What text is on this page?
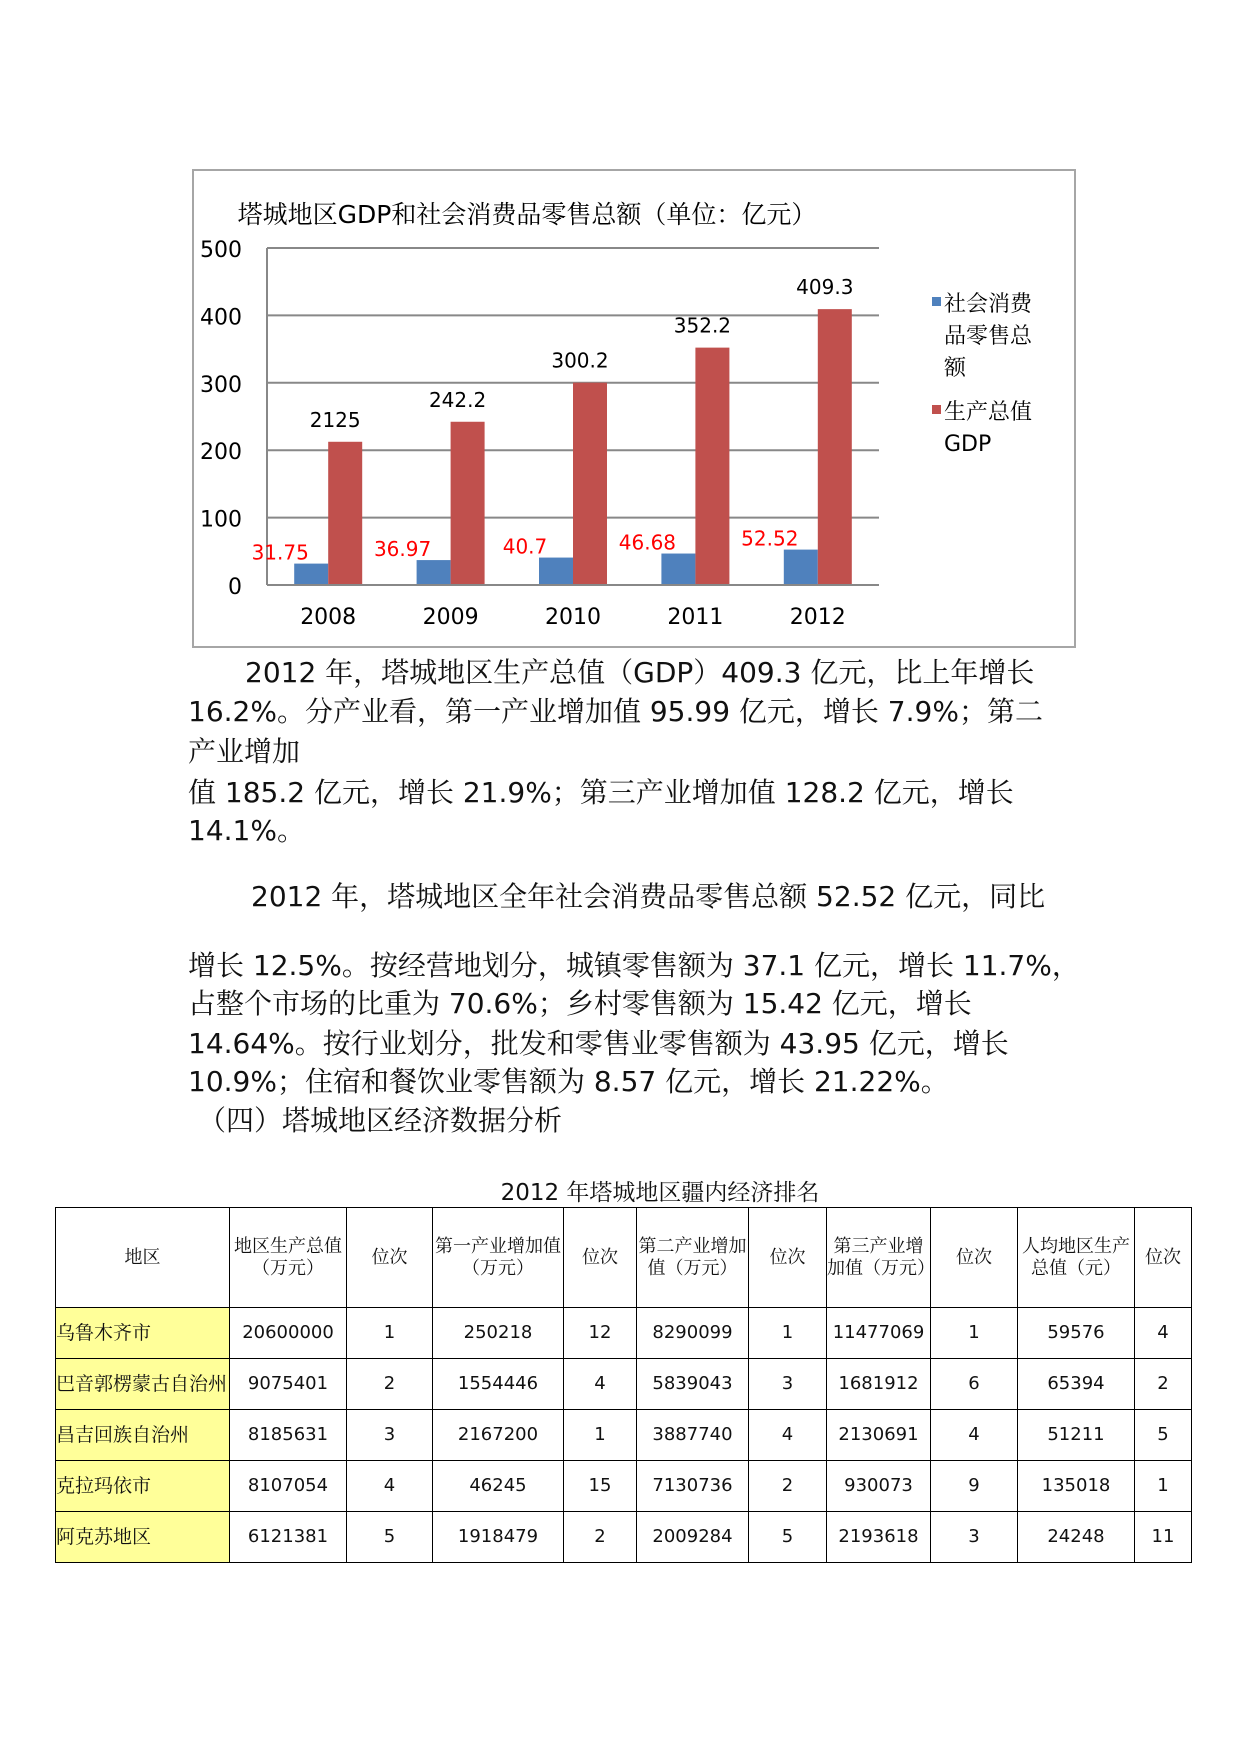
塔城地区GDP和社会消费品零售总额（单位：亿元）
0
100
200
300
400
500
2008
31.75
2125
2009
36.97
242.2
2010
40.7
300.2
2011
46.68
352.2
2012
52.52
409.3
社会消费
品零售总
额
生产总值
GDP
2012 年，塔城地区生产总值（GDP）409.3 亿元，比上年增长
16.2%。分产业看，第一产业增加值 95.99 亿元，增长 7.9%；第二
产业增加
值 185.2 亿元，增长 21.9%；第三产业增加值 128.2 亿元，增长
14.1%。
2012 年，塔城地区全年社会消费品零售总额 52.52 亿元，同比
增长 12.5%。按经营地划分，城镇零售额为 37.1 亿元，增长 11.7%，
占整个市场的比重为 70.6%；乡村零售额为 15.42 亿元，增长
14.64%。按行业划分，批发和零售业零售额为 43.95 亿元，增长
10.9%；住宿和餐饮业零售额为 8.57 亿元，增长 21.22%。
（四）塔城地区经济数据分析
2012 年塔城地区疆内经济排名
地区	地区生产总值（万元）	位次	第一产业增加值（万元）	位次	第二产业增加值（万元）	位次	第三产业增加值（万元）	位次	人均地区生产总值（元）	位次
乌鲁木齐市	20600000	1	250218	12	8290099	1	11477069	1	59576	4
巴音郭楞蒙古自治州	9075401	2	1554446	4	5839043	3	1681912	6	65394	2
昌吉回族自治州	8185631	3	2167200	1	3887740	4	2130691	4	51211	5
克拉玛依市	8107054	4	46245	15	7130736	2	930073	9	135018	1
阿克苏地区	6121381	5	1918479	2	2009284	5	2193618	3	24248	11
